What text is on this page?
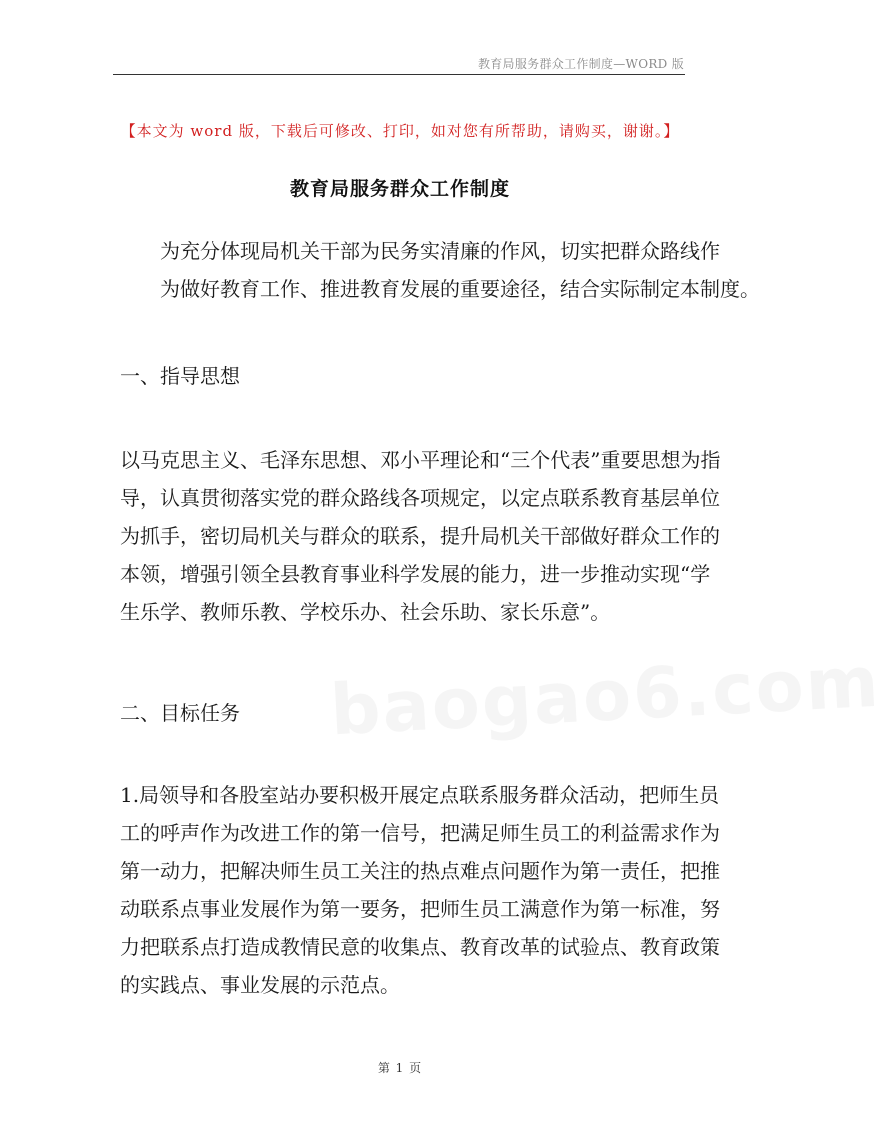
教育局服务群众工作制度—WORD 版
【本文为 word 版，下载后可修改、打印，如对您有所帮助，请购买，谢谢。】
教育局服务群众工作制度
为充分体现局机关干部为民务实清廉的作风，切实把群众路线作
为做好教育工作、推进教育发展的重要途径，结合实际制定本制度。
一、指导思想
以马克思主义、毛泽东思想、邓小平理论和“三个代表”重要思想为指
导，认真贯彻落实党的群众路线各项规定，以定点联系教育基层单位
为抓手，密切局机关与群众的联系，提升局机关干部做好群众工作的
本领，增强引领全县教育事业科学发展的能力，进一步推动实现“学
生乐学、教师乐教、学校乐办、社会乐助、家长乐意”。
baogao6.com
二、目标任务
1.局领导和各股室站办要积极开展定点联系服务群众活动，把师生员
工的呼声作为改进工作的第一信号，把满足师生员工的利益需求作为
第一动力，把解决师生员工关注的热点难点问题作为第一责任，把推
动联系点事业发展作为第一要务，把师生员工满意作为第一标准，努
力把联系点打造成教情民意的收集点、教育改革的试验点、教育政策
的实践点、事业发展的示范点。
第 1 页
